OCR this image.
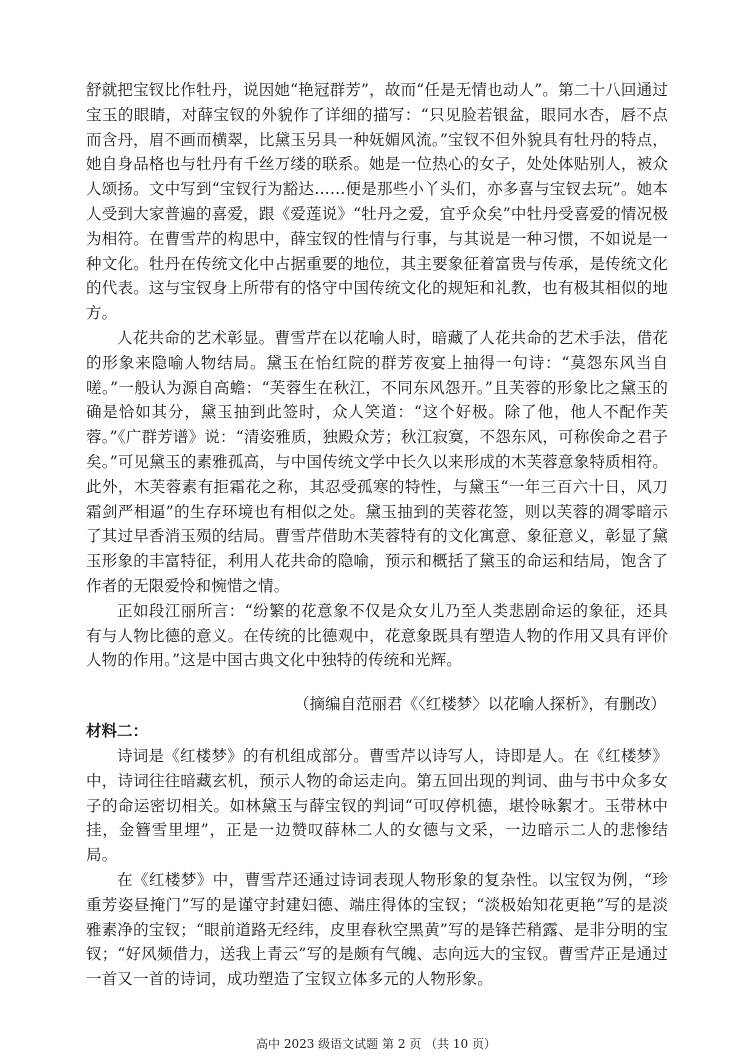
舒就把宝钗比作牡丹，说因她“艳冠群芳”，故而“任是无情也动人”。第二十八回通过宝玉的眼睛，对薛宝钗的外貌作了详细的描写：“只见脸若银盆，眼同水杏，唇不点而含丹，眉不画而横翠，比黛玉另具一种妩媚风流。”宝钗不但外貌具有牡丹的特点，她自身品格也与牡丹有千丝万缕的联系。她是一位热心的女子，处处体贴别人，被众人颂扬。文中写到“宝钗行为豁达……便是那些小丫头们，亦多喜与宝钗去玩”。她本人受到大家普遍的喜爱，跟《爱莲说》“牡丹之爱，宜乎众矣”中牡丹受喜爱的情况极为相符。在曹雪芹的构思中，薛宝钗的性情与行事，与其说是一种习惯，不如说是一种文化。牡丹在传统文化中占据重要的地位，其主要象征着富贵与传承，是传统文化的代表。这与宝钗身上所带有的恪守中国传统文化的规矩和礼教，也有极其相似的地方。

人花共命的艺术彰显。曹雪芹在以花喻人时，暗藏了人花共命的艺术手法，借花的形象来隐喻人物结局。黛玉在怡红院的群芳夜宴上抽得一句诗：“莫怨东风当自嗟。”一般认为源自高蟾：“芙蓉生在秋江，不同东风怨开。”且芙蓉的形象比之黛玉的确是恰如其分，黛玉抽到此签时，众人笑道：“这个好极。除了他，他人不配作芙蓉。”《广群芳谱》说：“清姿雅质，独殿众芳；秋江寂寞，不怨东风，可称俟命之君子矣。”可见黛玉的素雅孤高，与中国传统文学中长久以来形成的木芙蓉意象特质相符。此外，木芙蓉素有拒霜花之称，其忍受孤寒的特性，与黛玉“一年三百六十日，风刀霜剑严相逼”的生存环境也有相似之处。黛玉抽到的芙蓉花签，则以芙蓉的凋零暗示了其过早香消玉殒的结局。曹雪芹借助木芙蓉特有的文化寓意、象征意义，彰显了黛玉形象的丰富特征，利用人花共命的隐喻，预示和概括了黛玉的命运和结局，饱含了作者的无限爱怜和惋惜之情。

正如段江丽所言：“纷繁的花意象不仅是众女儿乃至人类悲剧命运的象征，还具有与人物比德的意义。在传统的比德观中，花意象既具有塑造人物的作用又具有评价人物的作用。”这是中国古典文化中独特的传统和光辉。

（摘编自范丽君《〈红楼梦〉以花喻人探析》，有删改）
材料二：

诗词是《红楼梦》的有机组成部分。曹雪芹以诗写人，诗即是人。在《红楼梦》中，诗词往往暗藏玄机，预示人物的命运走向。第五回出现的判词、曲与书中众多女子的命运密切相关。如林黛玉与薛宝钗的判词“可叹停机德，堪怜咏絮才。玉带林中挂，金簪雪里埋”，正是一边赞叹薛林二人的女德与文采，一边暗示二人的悲惨结局。

在《红楼梦》中，曹雪芹还通过诗词表现人物形象的复杂性。以宝钗为例，“珍重芳姿昼掩门”写的是谨守封建妇德、端庄得体的宝钗；“淡极始知花更艳”写的是淡雅素净的宝钗；“眼前道路无经纬，皮里春秋空黑黄”写的是锋芒稍露、是非分明的宝钗；“好风频借力，送我上青云”写的是颇有气魄、志向远大的宝钗。曹雪芹正是通过一首又一首的诗词，成功塑造了宝钗立体多元的人物形象。

高中 2023 级语文试题 第 2 页 （共 10 页）
